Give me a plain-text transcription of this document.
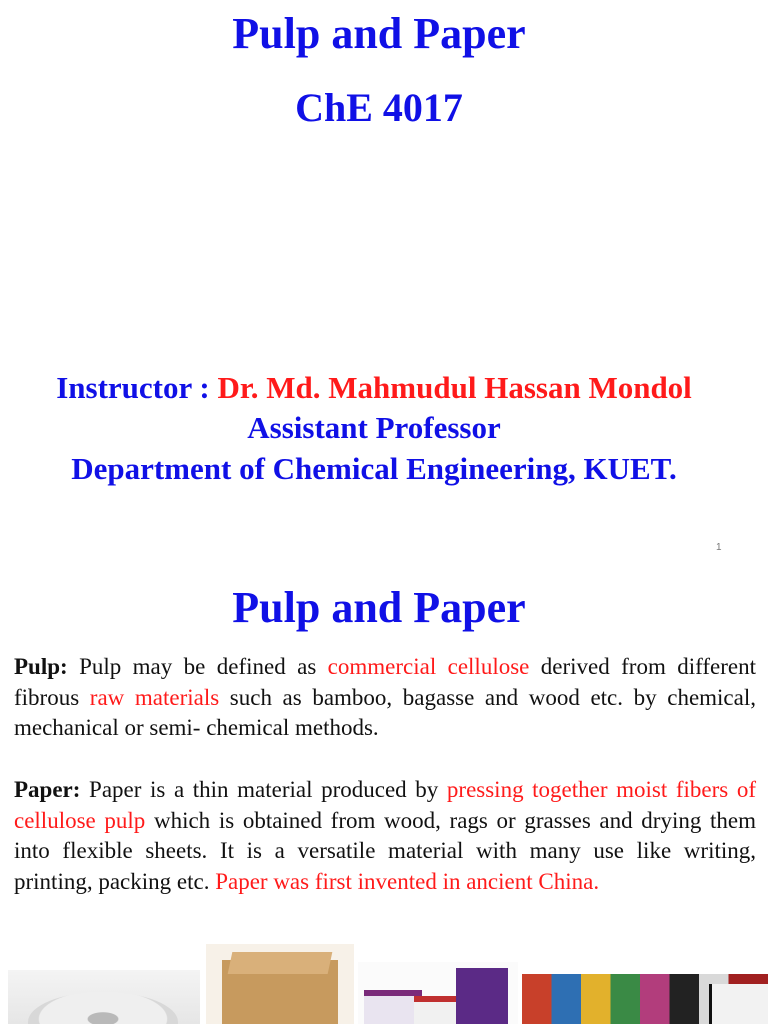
Pulp and Paper
ChE 4017
Instructor : Dr. Md. Mahmudul Hassan Mondol
Assistant Professor
Department of Chemical Engineering, KUET.
1
Pulp and Paper
Pulp: Pulp may be defined as commercial cellulose derived from different fibrous raw materials such as bamboo, bagasse and wood etc. by chemical, mechanical or semi- chemical methods.
Paper: Paper is a thin material produced by pressing together moist fibers of cellulose pulp which is obtained from wood, rags or grasses and drying them into flexible sheets. It is a versatile material with many use like writing, printing, packing etc. Paper was first invented in ancient China.
